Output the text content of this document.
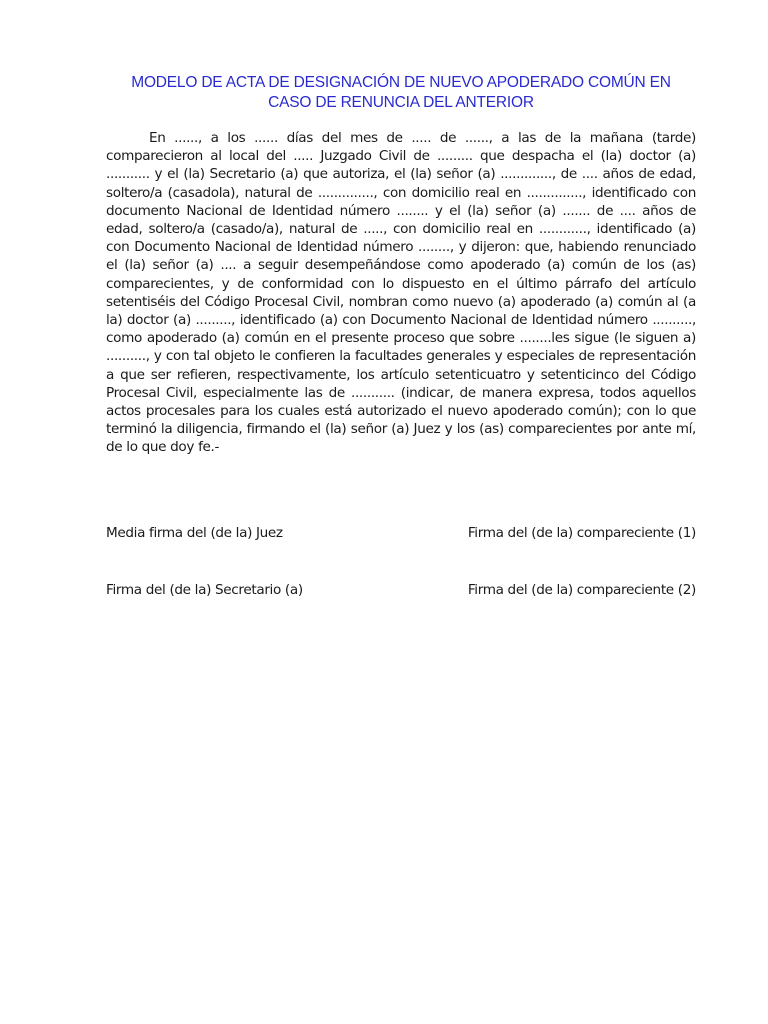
MODELO DE ACTA DE DESIGNACIÓN DE NUEVO APODERADO COMÚN EN
CASO DE RENUNCIA DEL ANTERIOR

En ......, a los ...... días del mes de ..... de ......, a las de la mañana (tarde) comparecieron al local del ..... Juzgado Civil de ......... que despacha el (la) doctor (a) ........... y el (la) Secretario (a) que autoriza, el (la) señor (a) ............., de .... años de edad, soltero/a (casadola), natural de .............., con domicilio real en .............., identificado con documento Nacional de Identidad número ........ y el (la) señor (a) ....... de .... años de edad, soltero/a (casado/a), natural de ....., con domicilio real en ............, identificado (a) con Documento Nacional de Identidad número ........, y dijeron: que, habiendo renunciado el (la) señor (a) .... a seguir desempeñándose como apoderado (a) común de los (as) comparecientes, y de conformidad con lo dispuesto en el último párrafo del artículo setentiséis del Código Procesal Civil, nombran como nuevo (a) apoderado (a) común al (a la) doctor (a) ........., identificado (a) con Documento Nacional de Identidad número .........., como apoderado (a) común en el presente proceso que sobre ........les sigue (le siguen a) .........., y con tal objeto le confieren la facultades generales y especiales de representación a que ser refieren, respectivamente, los artículo setenticuatro y setenticinco del Código Procesal Civil, especialmente las de ........... (indicar, de manera expresa, todos aquellos actos procesales para los cuales está autorizado el nuevo apoderado común); con lo que terminó la diligencia, firmando el (la) señor (a) Juez y los (as) comparecientes por ante mí, de lo que doy fe.-

Media firma del (de la) Juez	Firma del (de la) compareciente (1)
Firma del (de la) Secretario (a)	Firma del (de la) compareciente (2)
